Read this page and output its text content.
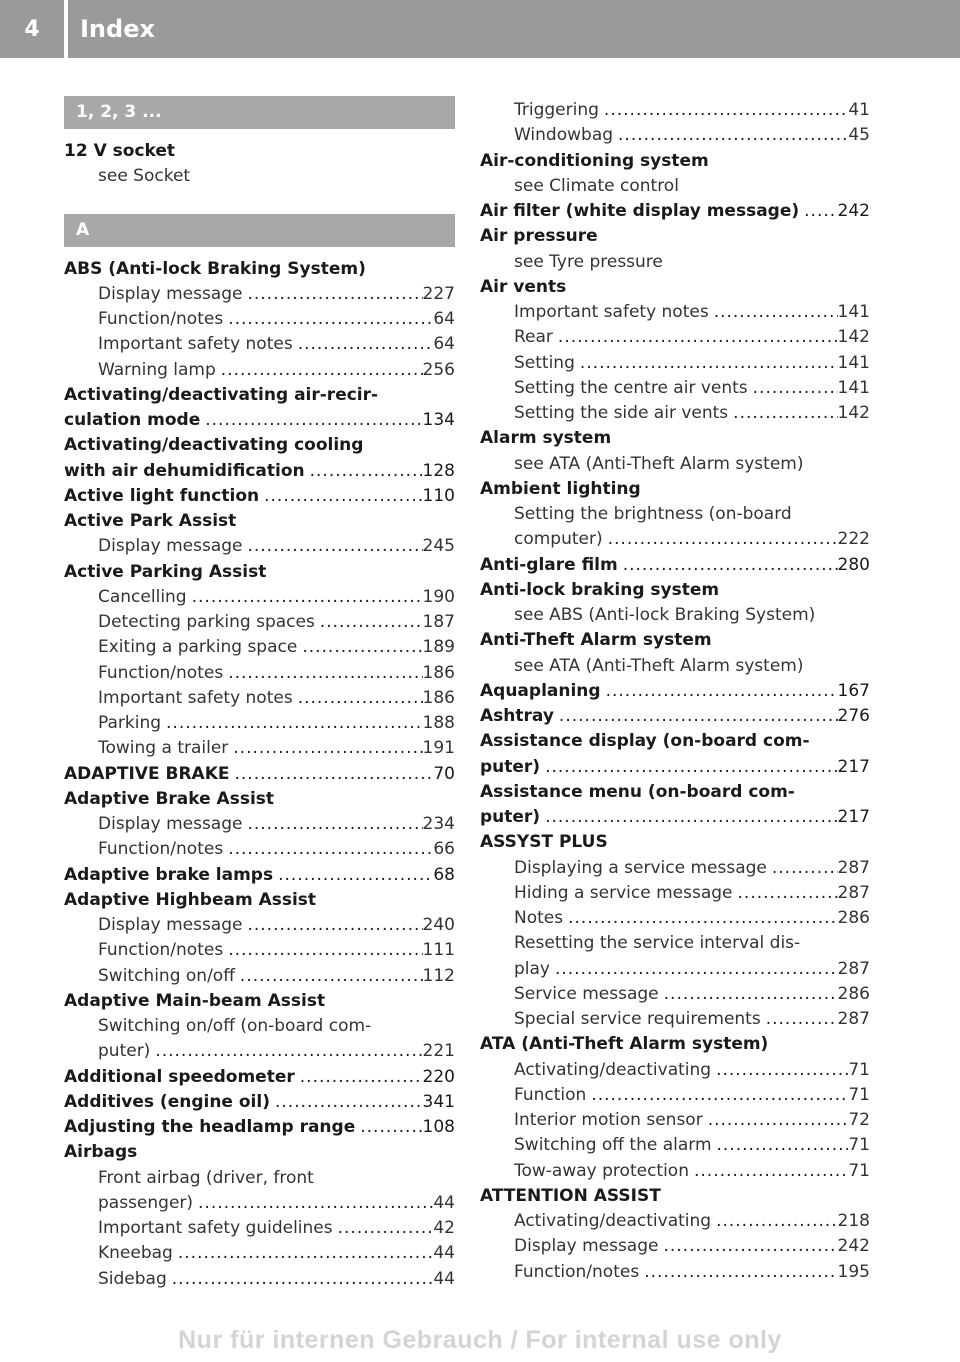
4	Index
1, 2, 3 ...
12 V socket
see Socket
A
ABS (Anti-lock Braking System)
Display message .....	227
Function/notes .....	64
Important safety notes .....	64
Warning lamp .....	256
Activating/deactivating air-recir-
culation mode .....	134
Activating/deactivating cooling
with air dehumidification .....	128
Active light function .....	110
Active Park Assist
Display message .....	245
Active Parking Assist
Cancelling .....	190
Detecting parking spaces .....	187
Exiting a parking space .....	189
Function/notes .....	186
Important safety notes .....	186
Parking .....	188
Towing a trailer .....	191
ADAPTIVE BRAKE .....	70
Adaptive Brake Assist
Display message .....	234
Function/notes .....	66
Adaptive brake lamps .....	68
Adaptive Highbeam Assist
Display message .....	240
Function/notes .....	111
Switching on/off .....	112
Adaptive Main-beam Assist
Switching on/off (on-board com-
puter) .....	221
Additional speedometer .....	220
Additives (engine oil) .....	341
Adjusting the headlamp range .....	108
Airbags
Front airbag (driver, front
passenger) .....	44
Important safety guidelines .....	42
Kneebag .....	44
Sidebag .....	44
Triggering .....	41
Windowbag .....	45
Air-conditioning system
see Climate control
Air filter (white display message) ..... 242
Air pressure
see Tyre pressure
Air vents
Important safety notes .....	141
Rear .....	142
Setting .....	141
Setting the centre air vents .....	141
Setting the side air vents .....	142
Alarm system
see ATA (Anti-Theft Alarm system)
Ambient lighting
Setting the brightness (on-board
computer) .....	222
Anti-glare film .....	280
Anti-lock braking system
see ABS (Anti-lock Braking System)
Anti-Theft Alarm system
see ATA (Anti-Theft Alarm system)
Aquaplaning .....	167
Ashtray .....	276
Assistance display (on-board com-
puter) .....	217
Assistance menu (on-board com-
puter) .....	217
ASSYST PLUS
Displaying a service message .....	287
Hiding a service message .....	287
Notes .....	286
Resetting the service interval dis-
play .....	287
Service message .....	286
Special service requirements .....	287
ATA (Anti-Theft Alarm system)
Activating/deactivating .....	71
Function .....	71
Interior motion sensor .....	72
Switching off the alarm .....	71
Tow-away protection .....	71
ATTENTION ASSIST
Activating/deactivating .....	218
Display message .....	242
Function/notes .....	195
Nur für internen Gebrauch / For internal use only
